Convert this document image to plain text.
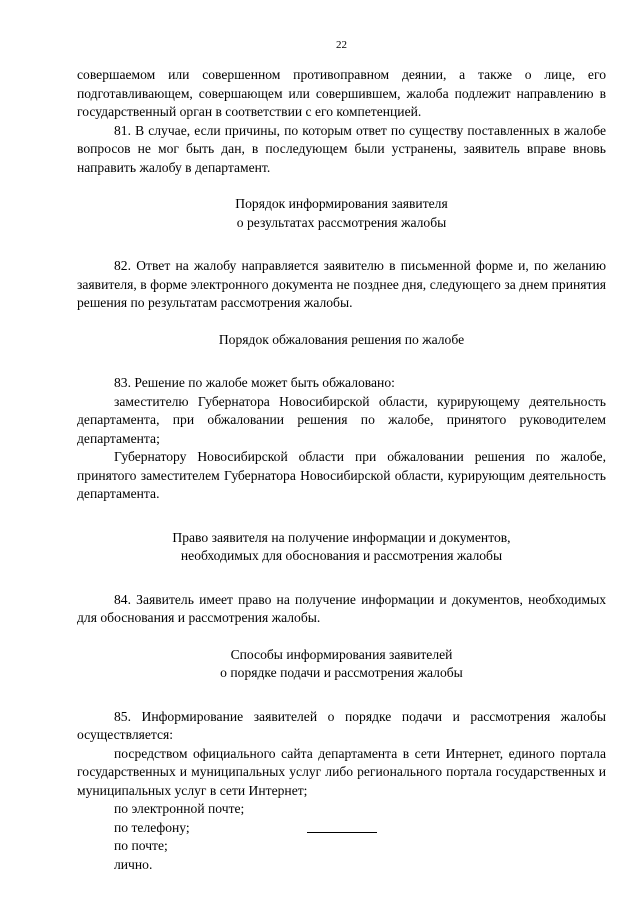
22

совершаемом или совершенном противоправном деянии, а также о лице, его подготавливающем, совершающем или совершившем, жалоба подлежит направлению в государственный орган в соответствии с его компетенцией.

81. В случае, если причины, по которым ответ по существу поставленных в жалобе вопросов не мог быть дан, в последующем были устранены, заявитель вправе вновь направить жалобу в департамент.

Порядок информирования заявителя
о результатах рассмотрения жалобы

82. Ответ на жалобу направляется заявителю в письменной форме и, по желанию заявителя, в форме электронного документа не позднее дня, следующего за днем принятия решения по результатам рассмотрения жалобы.

Порядок обжалования решения по жалобе

83. Решение по жалобе может быть обжаловано:

заместителю Губернатора Новосибирской области, курирующему деятельность департамента, при обжаловании решения по жалобе, принятого руководителем департамента;

Губернатору Новосибирской области при обжаловании решения по жалобе, принятого заместителем Губернатора Новосибирской области, курирующим деятельность департамента.

Право заявителя на получение информации и документов,
необходимых для обоснования и рассмотрения жалобы

84. Заявитель имеет право на получение информации и документов, необходимых для обоснования и рассмотрения жалобы.

Способы информирования заявителей
о порядке подачи и рассмотрения жалобы

85. Информирование заявителей о порядке подачи и рассмотрения жалобы осуществляется:

посредством официального сайта департамента в сети Интернет, единого портала государственных и муниципальных услуг либо регионального портала государственных и муниципальных услуг в сети Интернет;

по электронной почте;

по телефону;

по почте;

лично.
